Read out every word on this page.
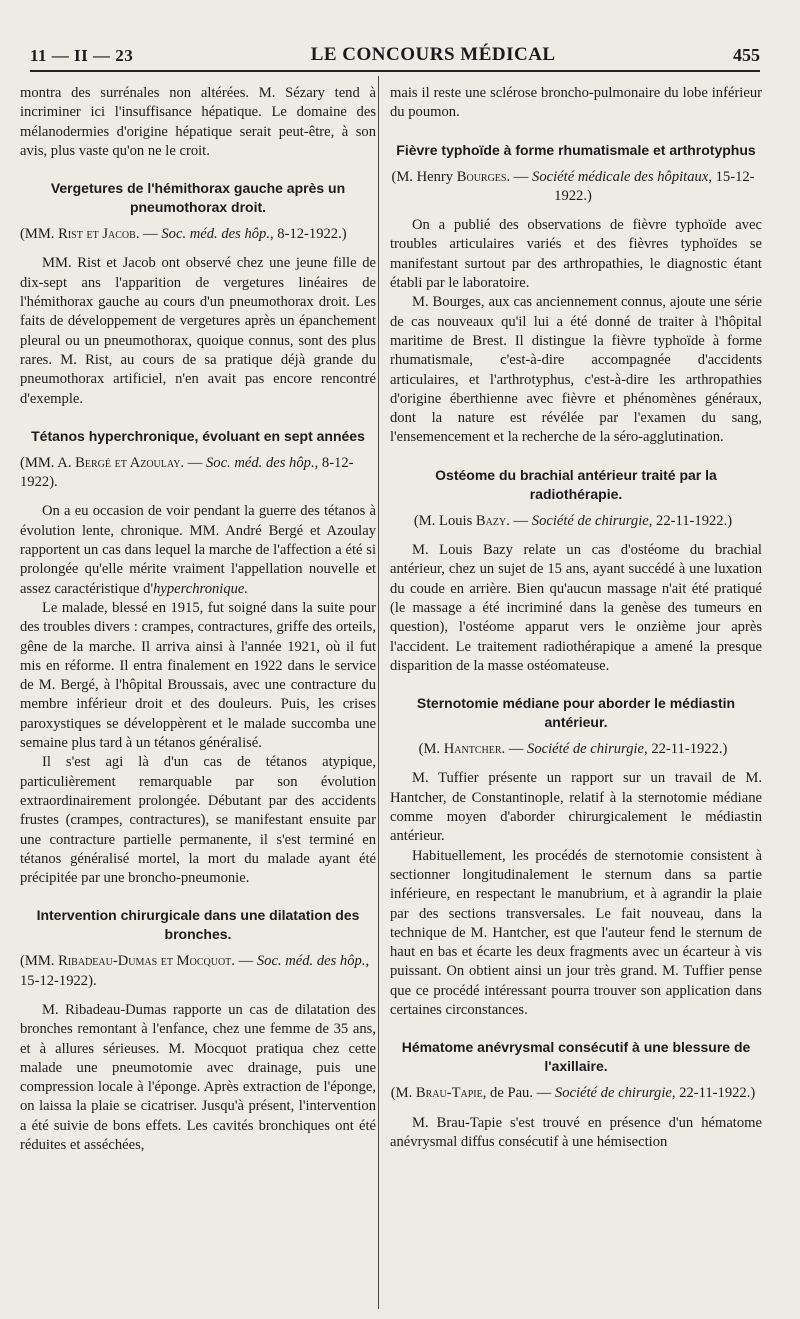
11 — II — 23	LE CONCOURS MÉDICAL	455

montra des surrénales non altérées. M. Sézary tend à incriminer ici l'insuffisance hépatique. Le domaine des mélanodermies d'origine hépatique serait peut-être, à son avis, plus vaste qu'on ne le croit.

Vergetures de l'hémithorax gauche après un pneumothorax droit.

(MM. Rist et Jacob. — Soc. méd. des hôp., 8-12-1922.)

MM. Rist et Jacob ont observé chez une jeune fille de dix-sept ans l'apparition de vergetures linéaires de l'hémithorax gauche au cours d'un pneumothorax droit. Les faits de développement de vergetures après un épanchement pleural ou un pneumothorax, quoique connus, sont des plus rares. M. Rist, au cours de sa pratique déjà grande du pneumothorax artificiel, n'en avait pas encore rencontré d'exemple.

Tétanos hyperchronique, évoluant en sept années

(MM. A. Bergé et Azoulay. — Soc. méd. des hôp., 8-12-1922).

On a eu occasion de voir pendant la guerre des tétanos à évolution lente, chronique. MM. André Bergé et Azoulay rapportent un cas dans lequel la marche de l'affection a été si prolongée qu'elle mérite vraiment l'appellation nouvelle et assez caractéristique d'hyperchronique.

Le malade, blessé en 1915, fut soigné dans la suite pour des troubles divers : crampes, contractures, griffe des orteils, gêne de la marche. Il arriva ainsi à l'année 1921, où il fut mis en réforme. Il entra finalement en 1922 dans le service de M. Bergé, à l'hôpital Broussais, avec une contracture du membre inférieur droit et des douleurs. Puis, les crises paroxystiques se développèrent et le malade succomba une semaine plus tard à un tétanos généralisé.

Il s'est agi là d'un cas de tétanos atypique, particulièrement remarquable par son évolution extraordinairement prolongée. Débutant par des accidents frustes (crampes, contractures), se manifestant ensuite par une contracture partielle permanente, il s'est terminé en tétanos généralisé mortel, la mort du malade ayant été précipitée par une broncho-pneumonie.

Intervention chirurgicale dans une dilatation des bronches.

(MM. Ribadeau-Dumas et Mocquot. — Soc. méd. des hôp., 15-12-1922).

M. Ribadeau-Dumas rapporte un cas de dilatation des bronches remontant à l'enfance, chez une femme de 35 ans, et à allures sérieuses. M. Mocquot pratiqua chez cette malade une pneumotomie avec drainage, puis une compression locale à l'éponge. Après extraction de l'éponge, on laissa la plaie se cicatriser. Jusqu'à présent, l'intervention a été suivie de bons effets. Les cavités bronchiques ont été réduites et asséchées,

mais il reste une sclérose broncho-pulmonaire du lobe inférieur du poumon.

Fièvre typhoïde à forme rhumatismale et arthrotyphus

(M. Henry Bourges. — Société médicale des hôpitaux, 15-12-1922.)

On a publié des observations de fièvre typhoïde avec troubles articulaires variés et des fièvres typhoïdes se manifestant surtout par des arthropathies, le diagnostic étant établi par le laboratoire.

M. Bourges, aux cas anciennement connus, ajoute une série de cas nouveaux qu'il lui a été donné de traiter à l'hôpital maritime de Brest. Il distingue la fièvre typhoïde à forme rhumatismale, c'est-à-dire accompagnée d'accidents articulaires, et l'arthrotyphus, c'est-à-dire les arthropathies d'origine éberthienne avec fièvre et phénomènes généraux, dont la nature est révélée par l'examen du sang, l'ensemencement et la recherche de la séro-agglutination.

Ostéome du brachial antérieur traité par la radiothérapie.

(M. Louis Bazy. — Société de chirurgie, 22-11-1922.)

M. Louis Bazy relate un cas d'ostéome du brachial antérieur, chez un sujet de 15 ans, ayant succédé à une luxation du coude en arrière. Bien qu'aucun massage n'ait été pratiqué (le massage a été incriminé dans la genèse des tumeurs en question), l'ostéome apparut vers le onzième jour après l'accident. Le traitement radiothérapique a amené la presque disparition de la masse ostéomateuse.

Sternotomie médiane pour aborder le médiastin antérieur.

(M. Hantcher. — Société de chirurgie, 22-11-1922.)

M. Tuffier présente un rapport sur un travail de M. Hantcher, de Constantinople, relatif à la sternotomie médiane comme moyen d'aborder chirurgicalement le médiastin antérieur.

Habituellement, les procédés de sternotomie consistent à sectionner longitudinalement le sternum dans sa partie inférieure, en respectant le manubrium, et à agrandir la plaie par des sections transversales. Le fait nouveau, dans la technique de M. Hantcher, est que l'auteur fend le sternum de haut en bas et écarte les deux fragments avec un écarteur à vis puissant. On obtient ainsi un jour très grand. M. Tuffier pense que ce procédé intéressant pourra trouver son application dans certaines circonstances.

Hématome anévrysmal consécutif à une blessure de l'axillaire.

(M. Brau-Tapie, de Pau. — Société de chirurgie, 22-11-1922.)

M. Brau-Tapie s'est trouvé en présence d'un hématome anévrysmal diffus consécutif à une hémisection
